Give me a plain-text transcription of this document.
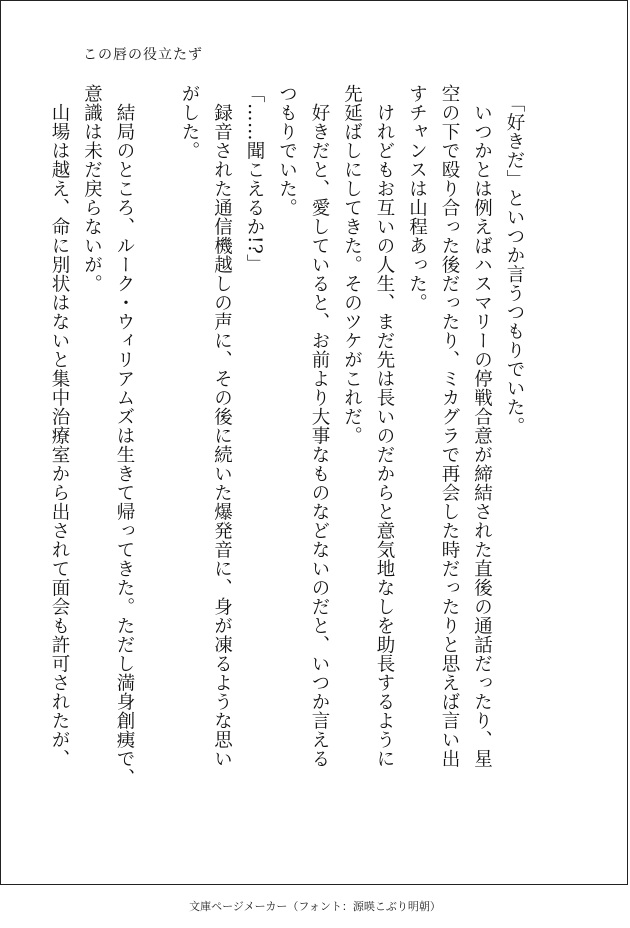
この唇の役立たず

　「好きだ」といつか言うつもりでいた。

　いつかとは例えばハスマリーの停戦合意が締結された直後の通話だったり、星

空の下で殴り合った後だったり、ミカグラで再会した時だったりと思えば言い出

すチャンスは山程あった。

　けれどもお互いの人生、まだ先は長いのだからと意気地なしを助長するように

先延ばしにしてきた。そのツケがこれだ。

　好きだと、愛していると、お前より大事なものなどないのだと、いつか言える

つもりでいた。

「……聞こえるか!?」

　録音された通信機越しの声に、その後に続いた爆発音に、身が凍るような思い

がした。

　結局のところ、ルーク・ウィリアムズは生きて帰ってきた。ただし満身創痍で、

意識は未だ戻らないが。

　山場は越え、命に別状はないと集中治療室から出されて面会も許可されたが、

文庫ページメーカー（フォント：源暎こぶり明朝）
